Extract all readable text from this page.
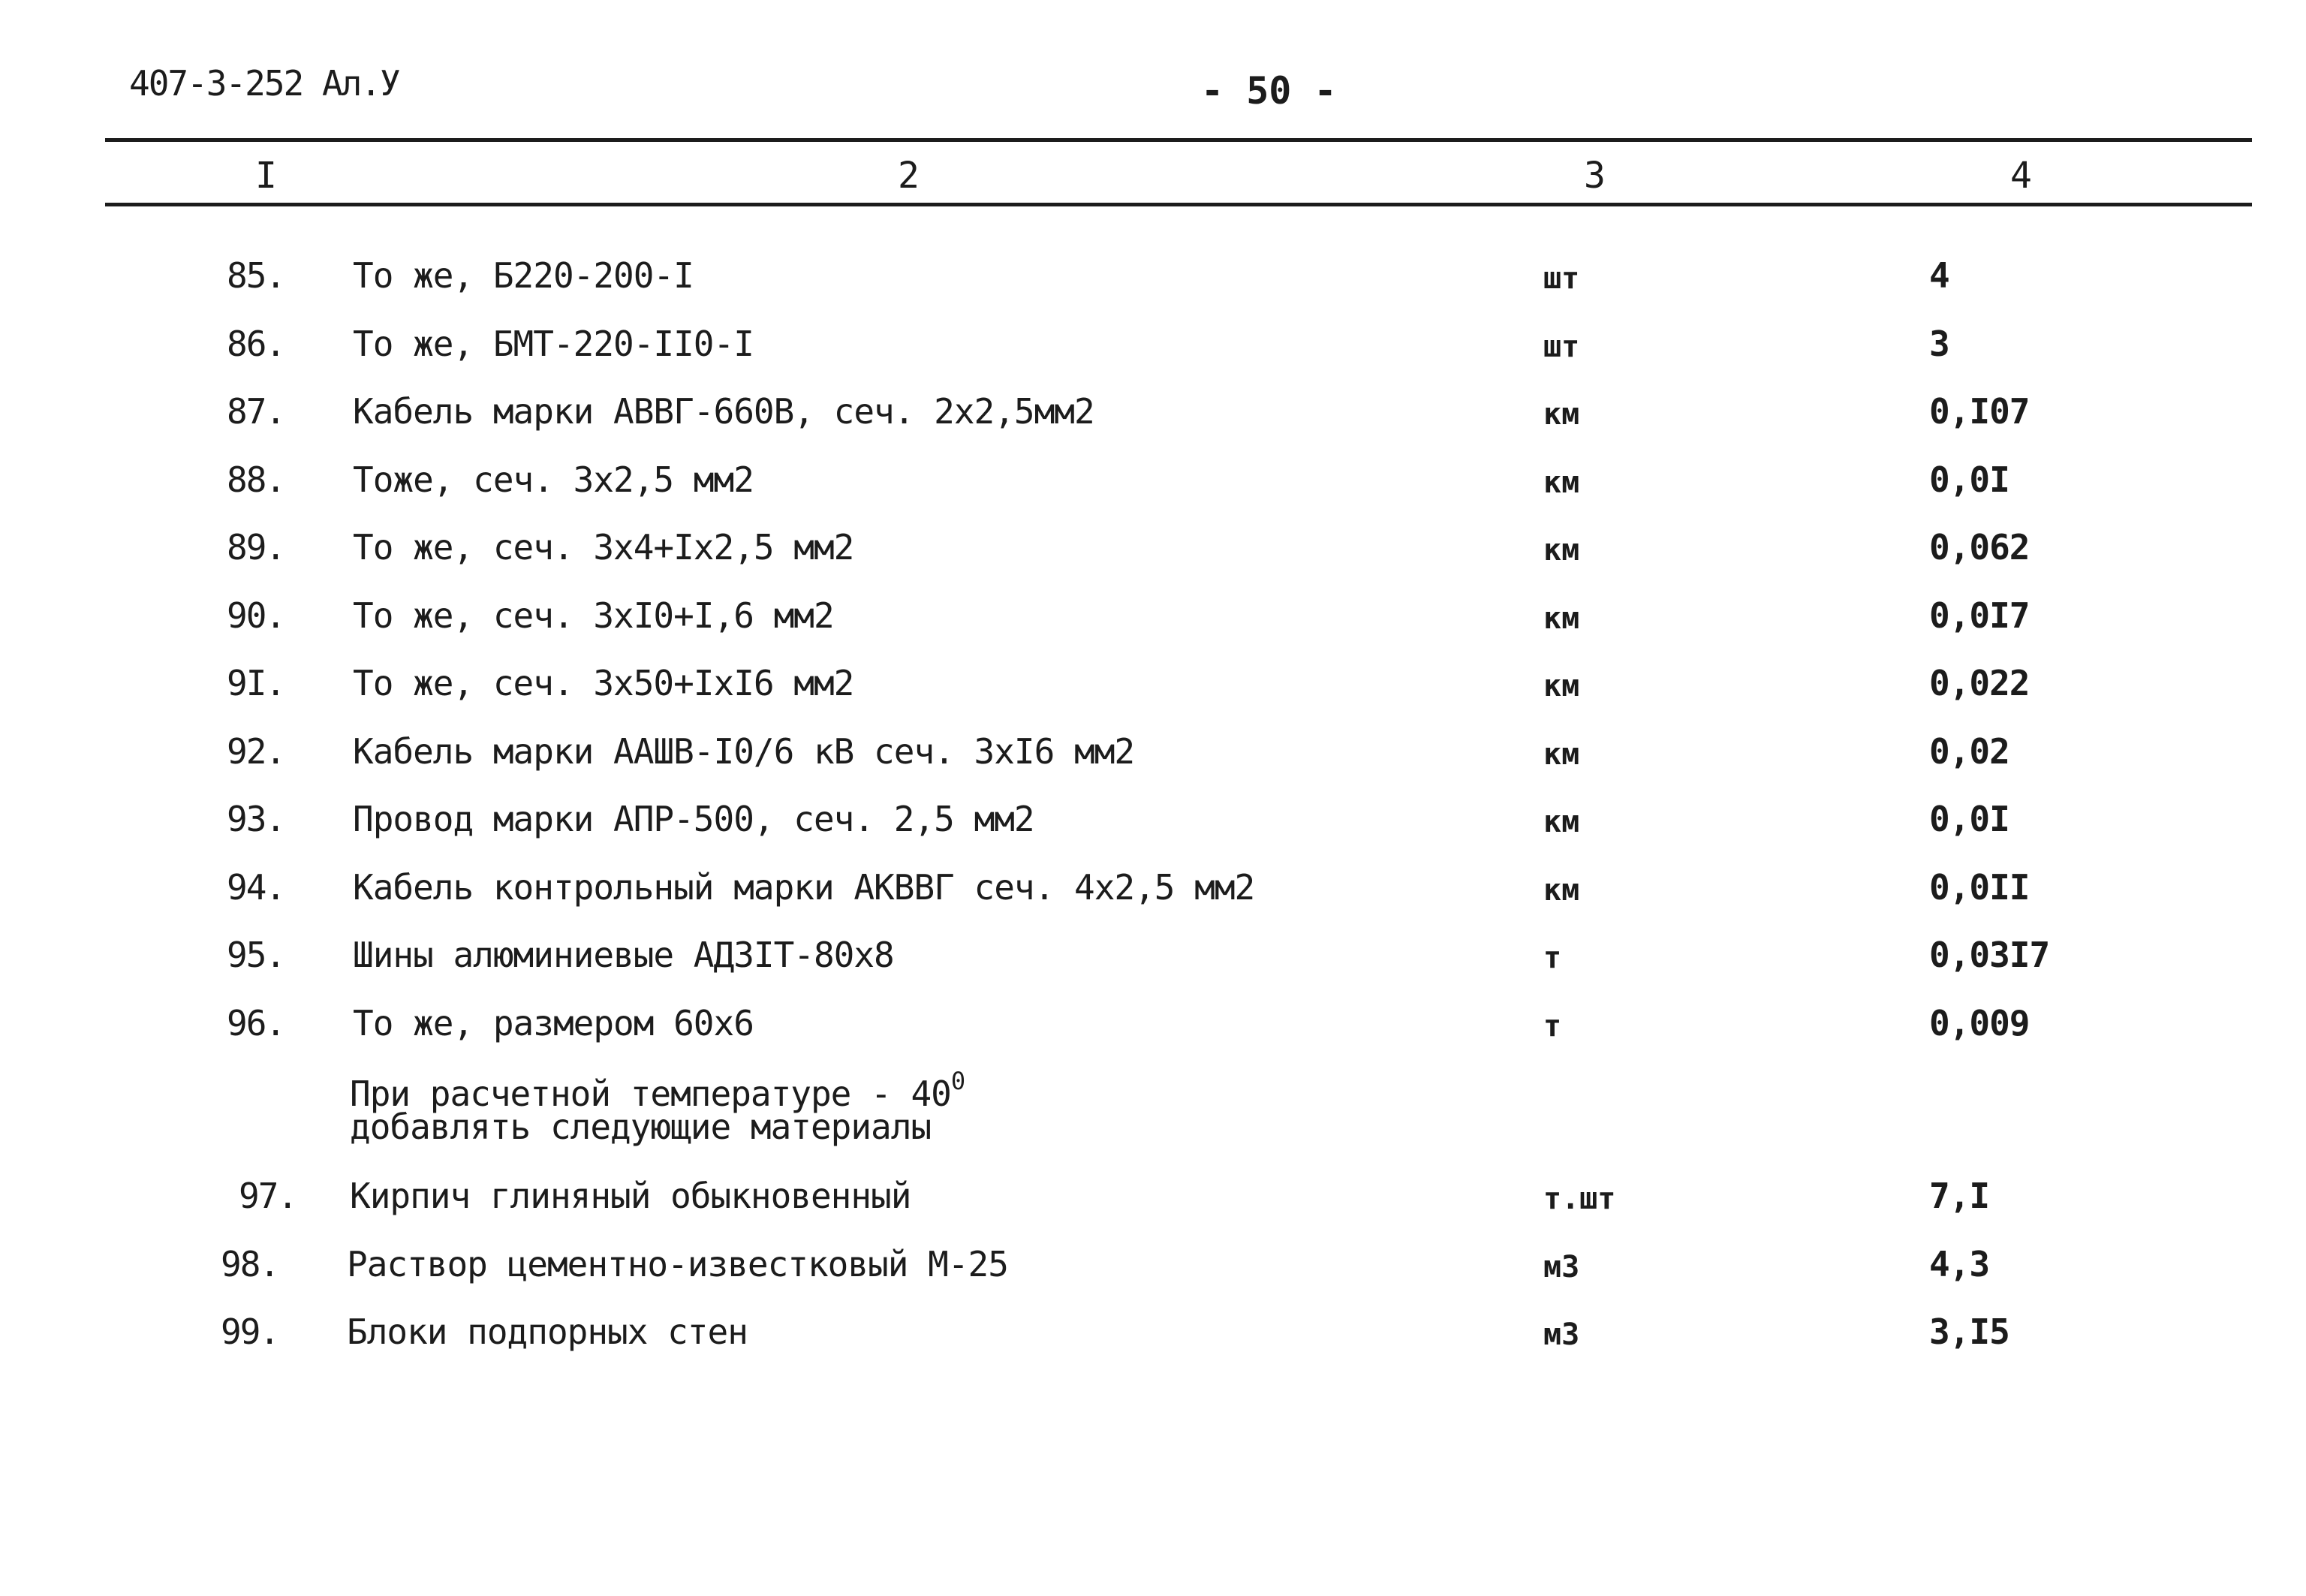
407-3-252 Ал.У	- 50 -
I	2	3	4
85. То же, Б220-200-I	шт	4
86. То же, БМТ-220-II0-I	шт	3
87. Кабель марки АВВГ-660В, сеч. 2х2,5мм2	км	0,I07
88. Тоже, сеч. 3х2,5 мм2	км	0,0I
89. То же, сеч. 3х4+Iх2,5 мм2	км	0,062
90. То же, сеч. 3хI0+I,6 мм2	км	0,0I7
9I. То же, сеч. 3х50+IхI6 мм2	км	0,022
92. Кабель марки ААШВ-I0/6 кВ сеч. 3хI6 мм2	км	0,02
93. Провод марки АПР-500, сеч. 2,5 мм2	км	0,0I
94. Кабель контрольный марки АКВВГ сеч. 4х2,5 мм2	км	0,0II
95. Шины алюминиевые АДЗIТ-80х8	т	0,03I7
96. То же, размером 60х6	т	0,009
При расчетной температуре - $40^0$
добавлять следующие материалы
97. Кирпич глиняный обыкновенный	т.шт	7,I
98. Раствор цементно-известковый М-25	м3	4,3
99. Блоки подпорных стен	м3	3,I5
